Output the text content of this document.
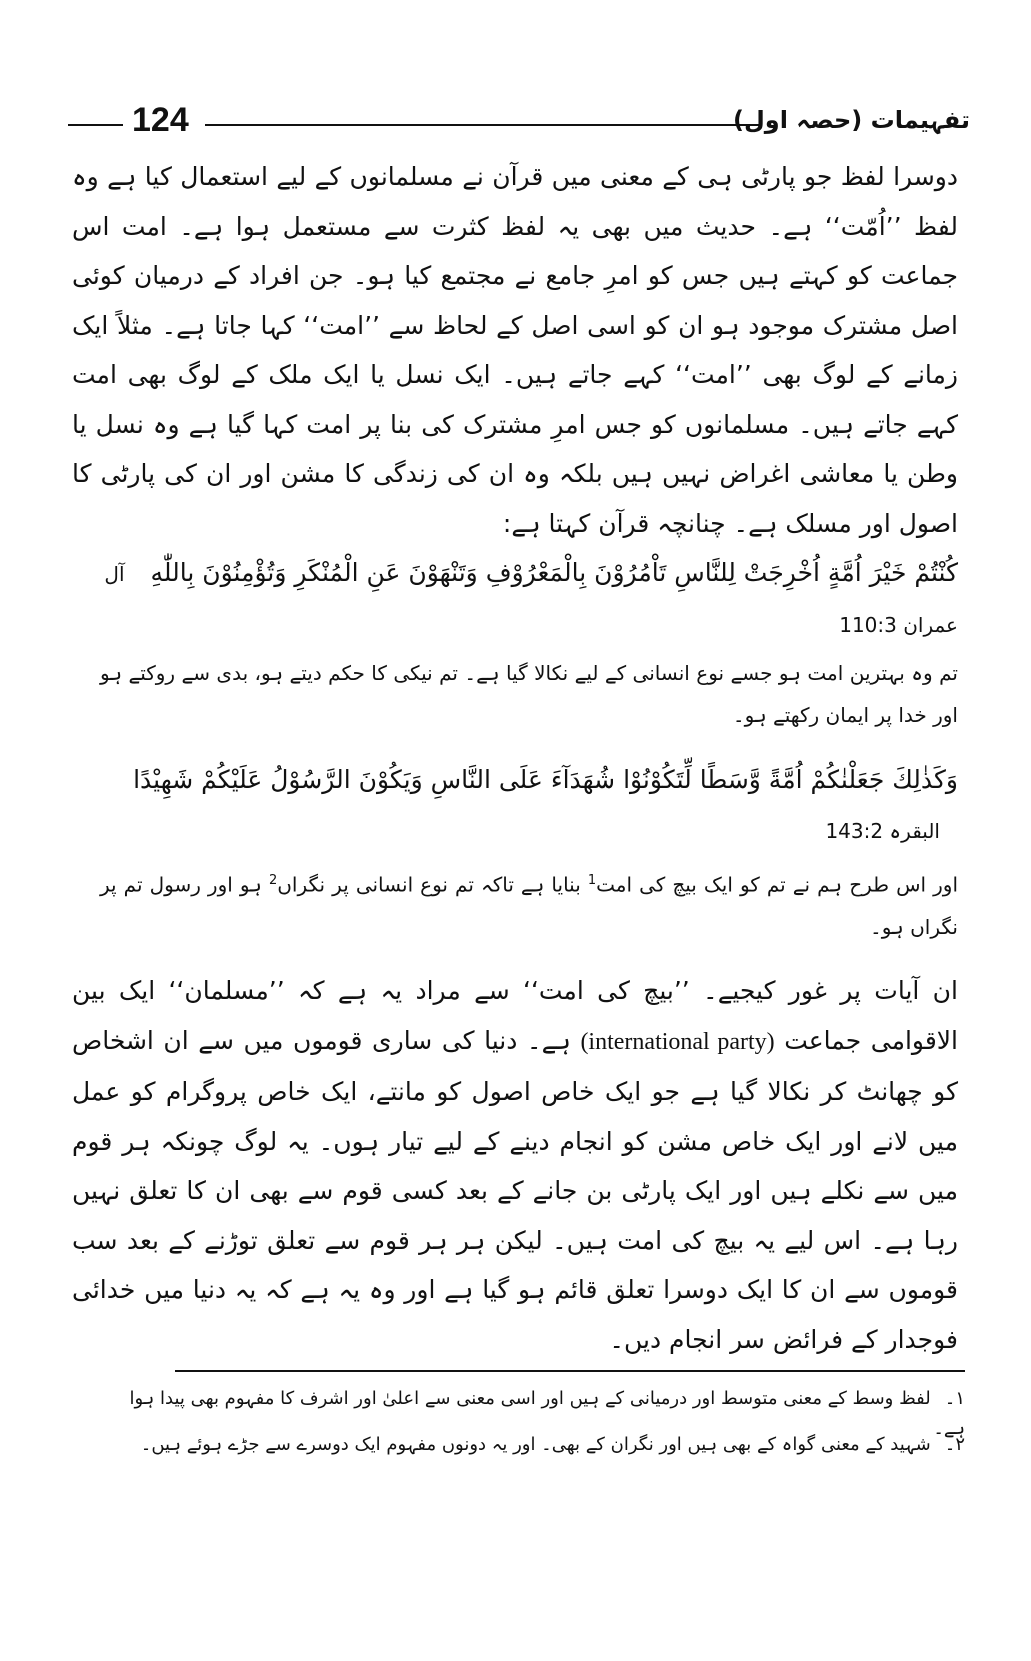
124	تفہیمات (حصہ اول)

دوسرا لفظ جو پارٹی ہی کے معنی میں قرآن نے مسلمانوں کے لیے استعمال کیا ہے وہ لفظ ’’اُمّت‘‘ ہے۔ حدیث میں بھی یہ لفظ کثرت سے مستعمل ہوا ہے۔ امت اس جماعت کو کہتے ہیں جس کو امرِ جامع نے مجتمع کیا ہو۔ جن افراد کے درمیان کوئی اصل مشترک موجود ہو ان کو اسی اصل کے لحاظ سے ’’امت‘‘ کہا جاتا ہے۔ مثلاً ایک زمانے کے لوگ بھی ’’امت‘‘ کہے جاتے ہیں۔ ایک نسل یا ایک ملک کے لوگ بھی امت کہے جاتے ہیں۔ مسلمانوں کو جس امرِ مشترک کی بنا پر امت کہا گیا ہے وہ نسل یا وطن یا معاشی اغراض نہیں ہیں بلکہ وہ ان کی زندگی کا مشن اور ان کی پارٹی کا اصول اور مسلک ہے۔ چنانچہ قرآن کہتا ہے:

كُنْتُمْ خَيْرَ اُمَّةٍ اُخْرِجَتْ لِلنَّاسِ تَاْمُرُوْنَ بِالْمَعْرُوْفِ وَتَنْهَوْنَ عَنِ الْمُنْكَرِ وَتُؤْمِنُوْنَ بِاللّٰهِ آل عمران 110:3

تم وہ بہترین امت ہو جسے نوع انسانی کے لیے نکالا گیا ہے۔ تم نیکی کا حکم دیتے ہو، بدی سے روکتے ہو اور خدا پر ایمان رکھتے ہو۔

وَكَذٰلِكَ جَعَلْنٰكُمْ اُمَّةً وَّسَطًا لِّتَكُوْنُوْا شُهَدَآءَ عَلَى النَّاسِ وَيَكُوْنَ الرَّسُوْلُ عَلَيْكُمْ شَهِيْدًا البقرہ 143:2

اور اس طرح ہم نے تم کو ایک بیچ کی امت$^1$ بنایا ہے تاکہ تم نوع انسانی پر نگراں$^2$ ہو اور رسول تم پر نگراں ہو۔

ان آیات پر غور کیجیے۔ ’’بیچ کی امت‘‘ سے مراد یہ ہے کہ ’’مسلمان‘‘ ایک بین الاقوامی جماعت (international party) ہے۔ دنیا کی ساری قوموں میں سے ان اشخاص کو چھانٹ کر نکالا گیا ہے جو ایک خاص اصول کو مانتے، ایک خاص پروگرام کو عمل میں لانے اور ایک خاص مشن کو انجام دینے کے لیے تیار ہوں۔ یہ لوگ چونکہ ہر قوم میں سے نکلے ہیں اور ایک پارٹی بن جانے کے بعد کسی قوم سے بھی ان کا تعلق نہیں رہا ہے۔ اس لیے یہ بیچ کی امت ہیں۔ لیکن ہر ہر قوم سے تعلق توڑنے کے بعد سب قوموں سے ان کا ایک دوسرا تعلق قائم ہو گیا ہے اور وہ یہ ہے کہ یہ دنیا میں خدائی فوجدار کے فرائض سر انجام دیں۔

۱۔لفظ وسط کے معنی متوسط اور درمیانی کے ہیں اور اسی معنی سے اعلیٰ اور اشرف کا مفہوم بھی پیدا ہوا ہے۔

۲۔شہید کے معنی گواہ کے بھی ہیں اور نگران کے بھی۔ اور یہ دونوں مفہوم ایک دوسرے سے جڑے ہوئے ہیں۔
